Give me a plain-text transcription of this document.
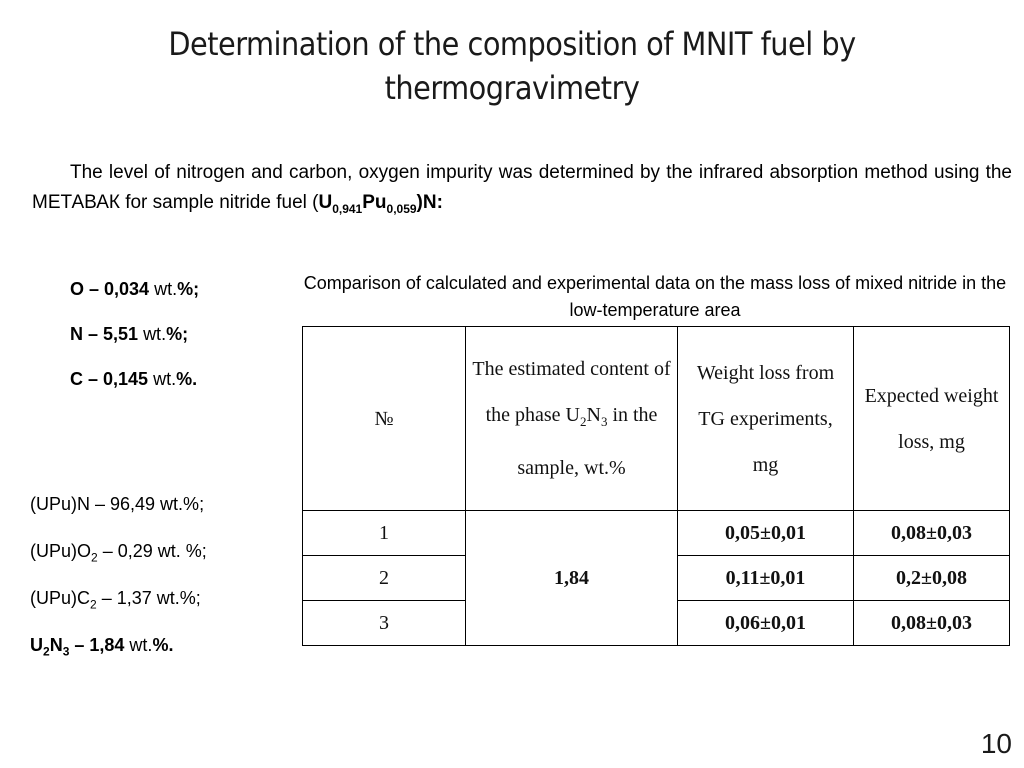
Determination of the composition of MNIT fuel by thermogravimetry
The level of nitrogen and carbon, oxygen impurity was determined by the infrared absorption method using the МЕТАВАК for sample nitride fuel $(U_{0,941}Pu_{0,059})N$:
O – 0,034 wt.%;
N – 5,51 wt.%;
C – 0,145 wt.%.
(UPu)N – 96,49 wt.%;
$(UPu)O_2 - 0,29$ wt. %;
$(UPu)C_2 - 1,37$ wt.%;
$U_2N_3 - 1,84$ wt.%.
Comparison of calculated and experimental data on the mass loss of mixed nitride in the low-temperature area
№	The estimated content of the phase $U_2N_3$ in the sample, wt.%	Weight loss from TG experiments, mg	Expected weight loss, mg
1	1,84	0,05±0,01	0,08±0,03
2		0,11±0,01	0,2±0,08
3		0,06±0,01	0,08±0,03
10
